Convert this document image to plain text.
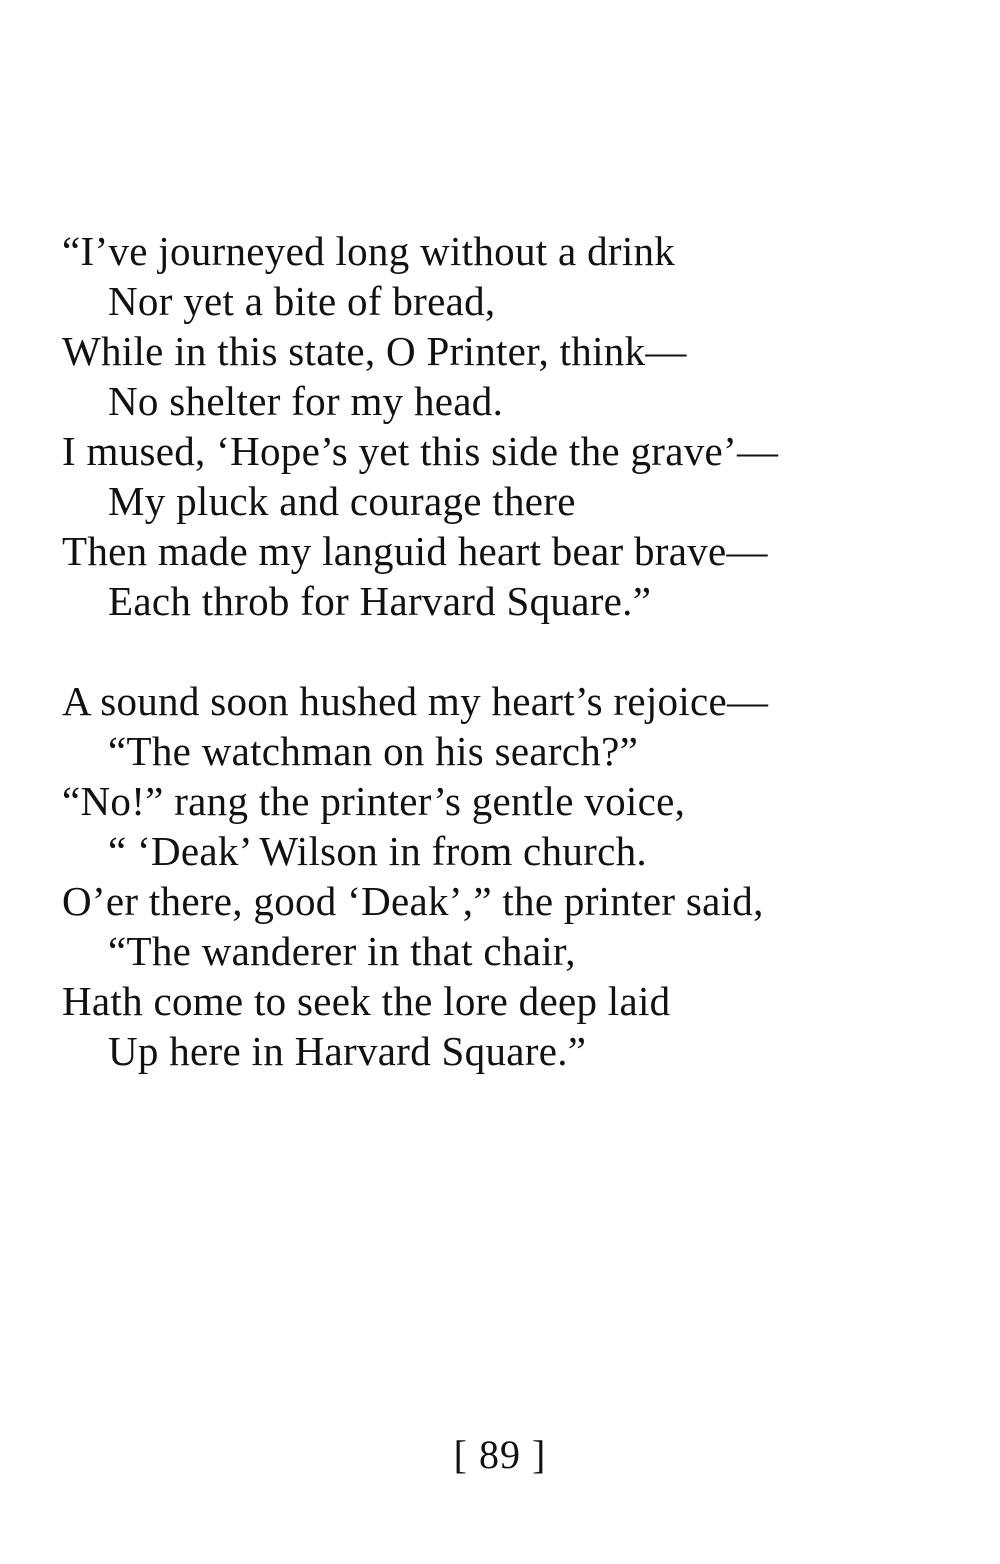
“I’ve journeyed long without a drink
Nor yet a bite of bread,
While in this state, O Printer, think—
No shelter for my head.
I mused, ‘Hope’s yet this side the grave’—
My pluck and courage there
Then made my languid heart bear brave—
Each throb for Harvard Square.”
A sound soon hushed my heart’s rejoice—
“The watchman on his search?”
“No!” rang the printer’s gentle voice,
“ ‘Deak’ Wilson in from church.
O’er there, good ‘Deak’,” the printer said,
“The wanderer in that chair,
Hath come to seek the lore deep laid
Up here in Harvard Square.”
[ 89 ]
